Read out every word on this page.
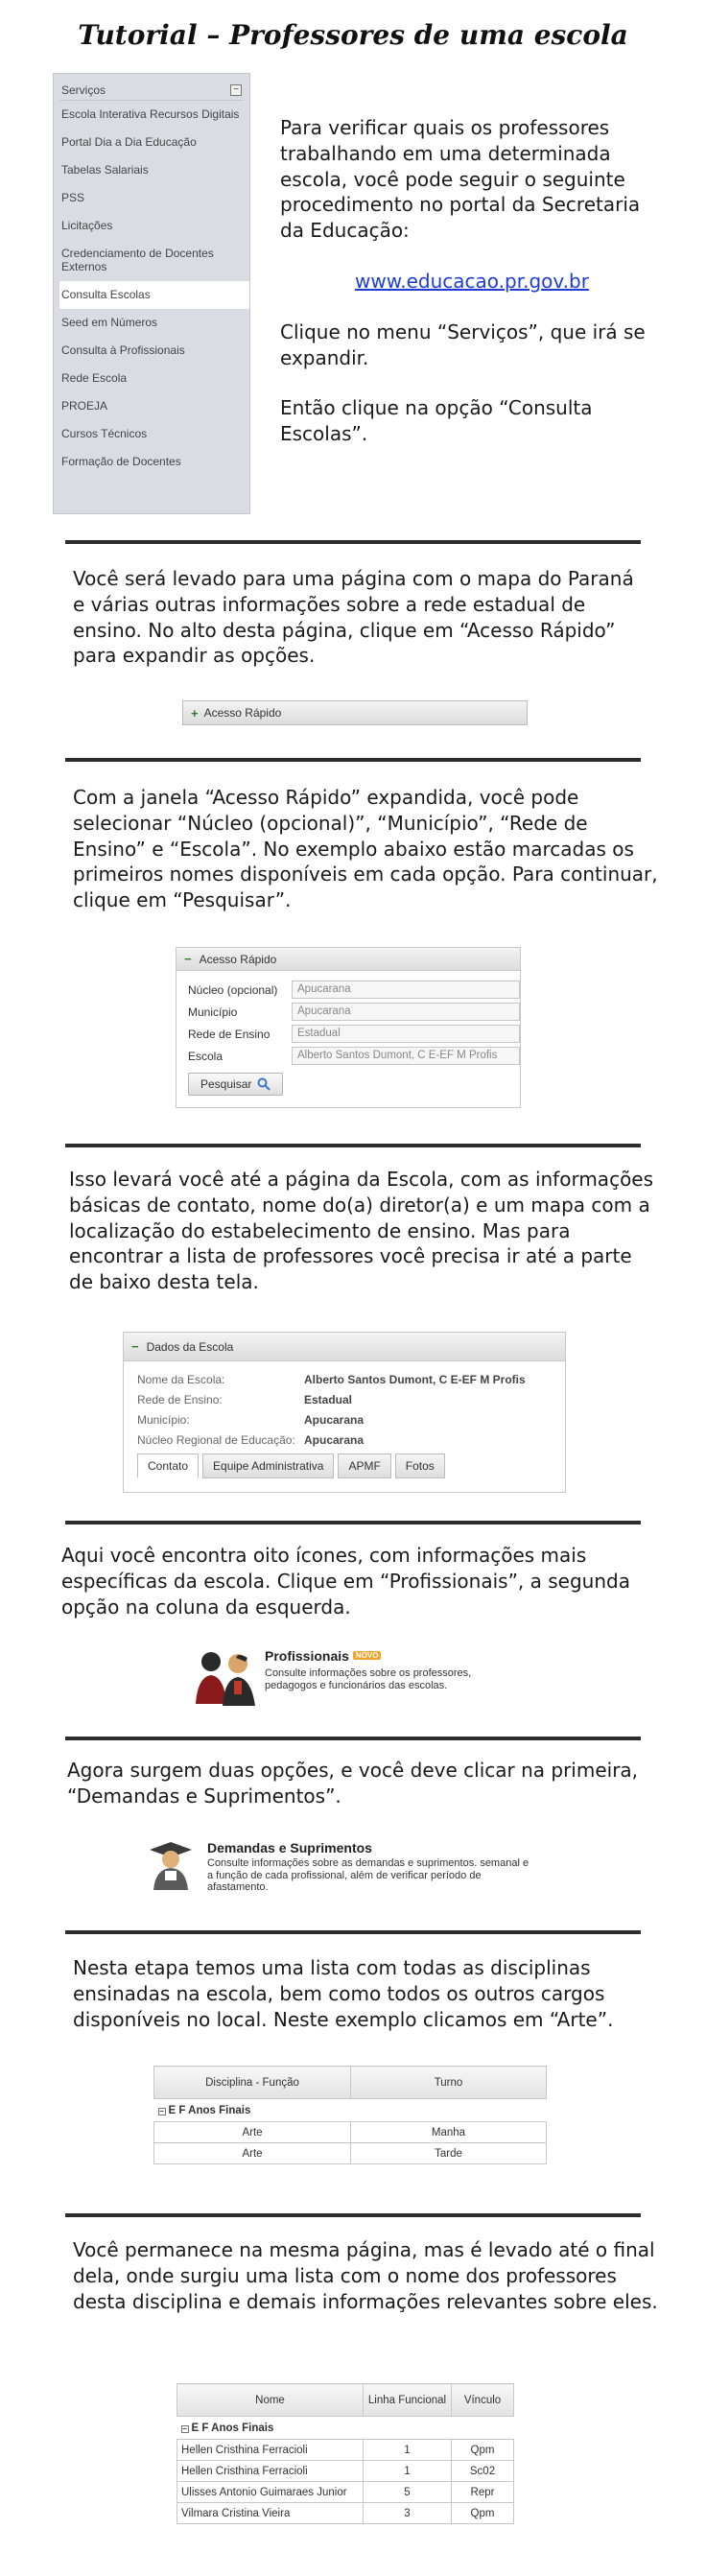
Tutorial – Professores de uma escola
Serviços	−
Escola Interativa Recursos Digitais
Portal Dia a Dia Educação
Tabelas Salariais
PSS
Licitações
Credenciamento de Docentes Externos
Consulta Escolas
Seed em Números
Consulta à Profissionais
Rede Escola
PROEJA
Cursos Técnicos
Formação de Docentes

Para verificar quais os professores trabalhando em uma determinada escola, você pode seguir o seguinte procedimento no portal da Secretaria da Educação:

www.educacao.pr.gov.br

Clique no menu “Serviços”, que irá se expandir.

Então clique na opção “Consulta Escolas”.

Você será levado para uma página com o mapa do Paraná e várias outras informações sobre a rede estadual de ensino. No alto desta página, clique em “Acesso Rápido” para expandir as opções.
+ Acesso Rápido
Com a janela “Acesso Rápido” expandida, você pode selecionar “Núcleo (opcional)”, “Município”, “Rede de Ensino” e “Escola”. No exemplo abaixo estão marcadas os primeiros nomes disponíveis em cada opção. Para continuar, clique em “Pesquisar”.
− Acesso Rápido
Núcleo (opcional)	Apucarana
Município	Apucarana
Rede de Ensino	Estadual
Escola	Alberto Santos Dumont, C E-EF M Profis
Pesquisar
Isso levará você até a página da Escola, com as informações básicas de contato, nome do(a) diretor(a) e um mapa com a localização do estabelecimento de ensino. Mas para encontrar a lista de professores você precisa ir até a parte de baixo desta tela.
− Dados da Escola
Nome da Escola:	Alberto Santos Dumont, C E-EF M Profis
Rede de Ensino:	Estadual
Município:	Apucarana
Núcleo Regional de Educação: Apucarana
Contato	Equipe Administrativa	APMF	Fotos
Aqui você encontra oito ícones, com informações mais específicas da escola. Clique em “Profissionais”, a segunda opção na coluna da esquerda.
Profissionais NOVO
Consulte informações sobre os professores, pedagogos e funcionários das escolas.
Agora surgem duas opções, e você deve clicar na primeira, “Demandas e Suprimentos”.
Demandas e Suprimentos
Consulte informações sobre as demandas e suprimentos. semanal e a função de cada profissional, além de verificar período de afastamento.
Nesta etapa temos uma lista com todas as disciplinas ensinadas na escola, bem como todos os outros cargos disponíveis no local. Neste exemplo clicamos em “Arte”.
Disciplina - Função	Turno
− E F Anos Finais	
Arte	Manha
Arte	Tarde
Você permanece na mesma página, mas é levado até o final dela, onde surgiu uma lista com o nome dos professores desta disciplina e demais informações relevantes sobre eles.
Nome	Linha Funcional	Vínculo
− E F Anos Finais		
Hellen Cristhina Ferracioli	1	Qpm
Hellen Cristhina Ferracioli	1	Sc02
Ulisses Antonio Guimaraes Junior	5	Repr
Vilmara Cristina Vieira	3	Qpm
